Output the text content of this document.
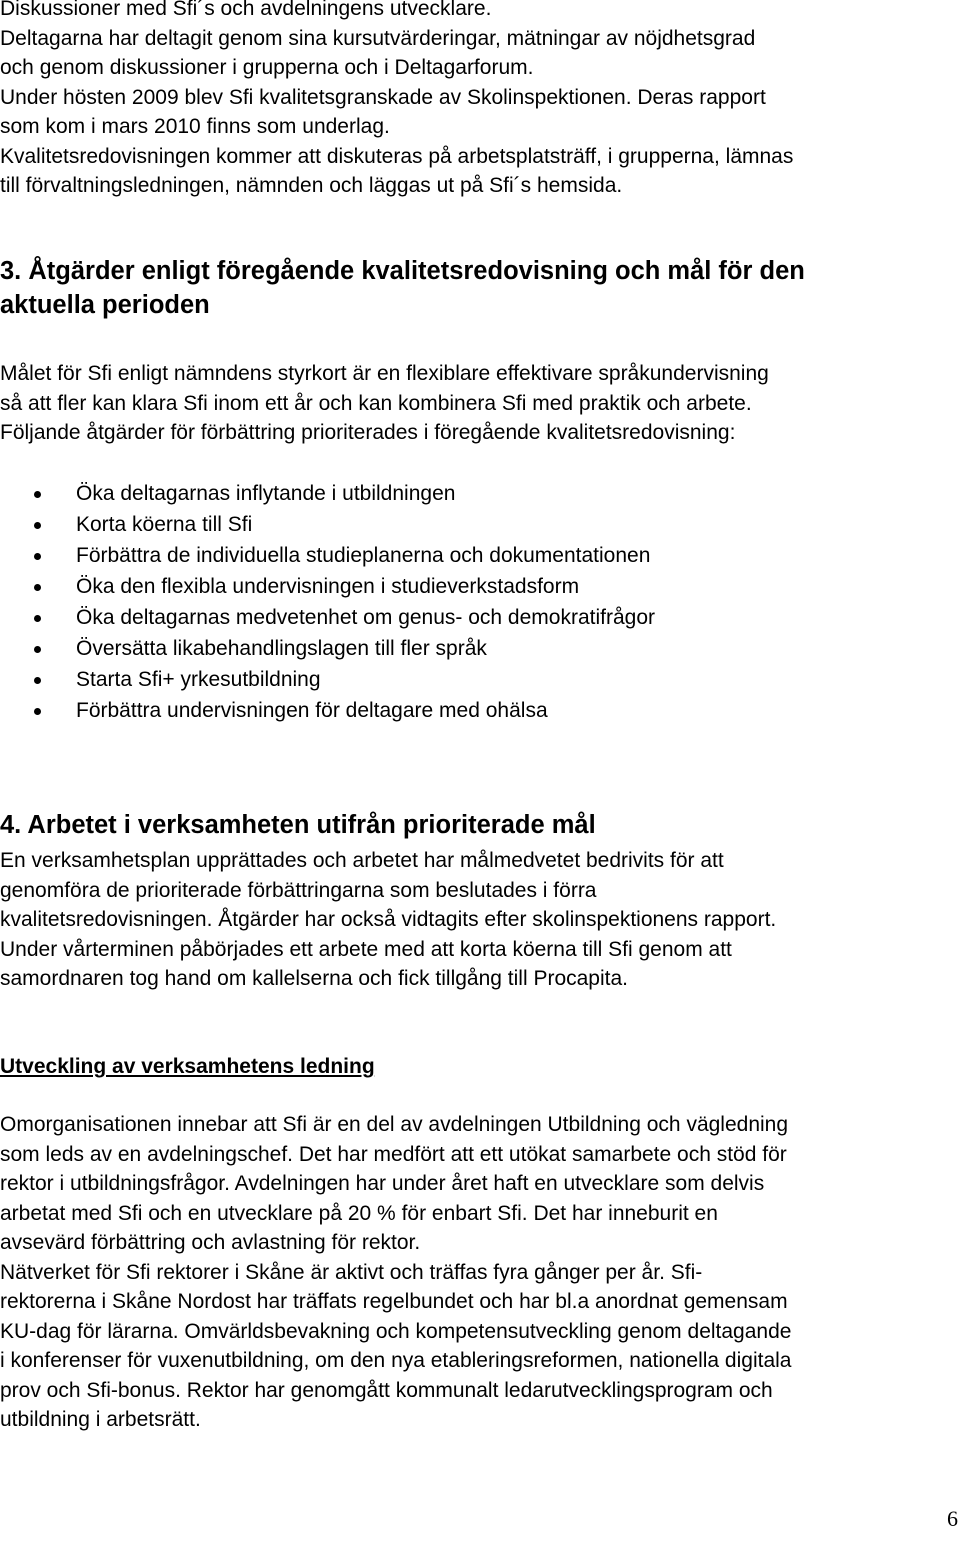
Diskussioner med Sfi´s och avdelningens utvecklare.

Deltagarna har deltagit genom sina kursutvärderingar, mätningar av nöjdhetsgrad

och genom diskussioner i grupperna och i Deltagarforum.

Under hösten 2009 blev Sfi kvalitetsgranskade av Skolinspektionen. Deras rapport

som kom i mars 2010 finns som underlag.

Kvalitetsredovisningen kommer att diskuteras på arbetsplatsträff, i grupperna, lämnas

till förvaltningsledningen, nämnden och läggas ut på Sfi´s hemsida.

3. Åtgärder enligt föregående kvalitetsredovisning och mål för den
aktuella perioden

Målet för Sfi enligt nämndens styrkort är en flexiblare effektivare språkundervisning

så att fler kan klara Sfi inom ett år och kan kombinera Sfi med praktik och arbete.

Följande åtgärder för förbättring prioriterades i föregående kvalitetsredovisning:

Öka deltagarnas inflytande i utbildningen
Korta köerna till Sfi
Förbättra de individuella studieplanerna och dokumentationen
Öka den flexibla undervisningen i studieverkstadsform
Öka deltagarnas medvetenhet om genus- och demokratifrågor
Översätta likabehandlingslagen till fler språk
Starta Sfi+ yrkesutbildning
Förbättra undervisningen för deltagare med ohälsa
4. Arbetet i verksamheten utifrån prioriterade mål

En verksamhetsplan upprättades och arbetet har målmedvetet bedrivits för att

genomföra de prioriterade förbättringarna som beslutades i förra

kvalitetsredovisningen. Åtgärder har också vidtagits efter skolinspektionens rapport.

Under vårterminen påbörjades ett arbete med att korta köerna till Sfi genom att

samordnaren tog hand om kallelserna och fick tillgång till Procapita.

Utveckling av verksamhetens ledning

Omorganisationen innebar att Sfi är en del av avdelningen Utbildning och vägledning

som leds av en avdelningschef. Det har medfört att ett utökat samarbete och stöd för

rektor i utbildningsfrågor. Avdelningen har under året haft en utvecklare som delvis

arbetat med Sfi och en utvecklare på 20 % för enbart Sfi. Det har inneburit en

avsevärd förbättring och avlastning för rektor.

Nätverket för Sfi rektorer i Skåne är aktivt och träffas fyra gånger per år. Sfi-

rektorerna i Skåne Nordost har träffats regelbundet och har bl.a anordnat gemensam

KU-dag för lärarna. Omvärldsbevakning och kompetensutveckling genom deltagande

i konferenser för vuxenutbildning, om den nya etableringsreformen, nationella digitala

prov och Sfi-bonus. Rektor har genomgått kommunalt ledarutvecklingsprogram och

utbildning i arbetsrätt.

6
